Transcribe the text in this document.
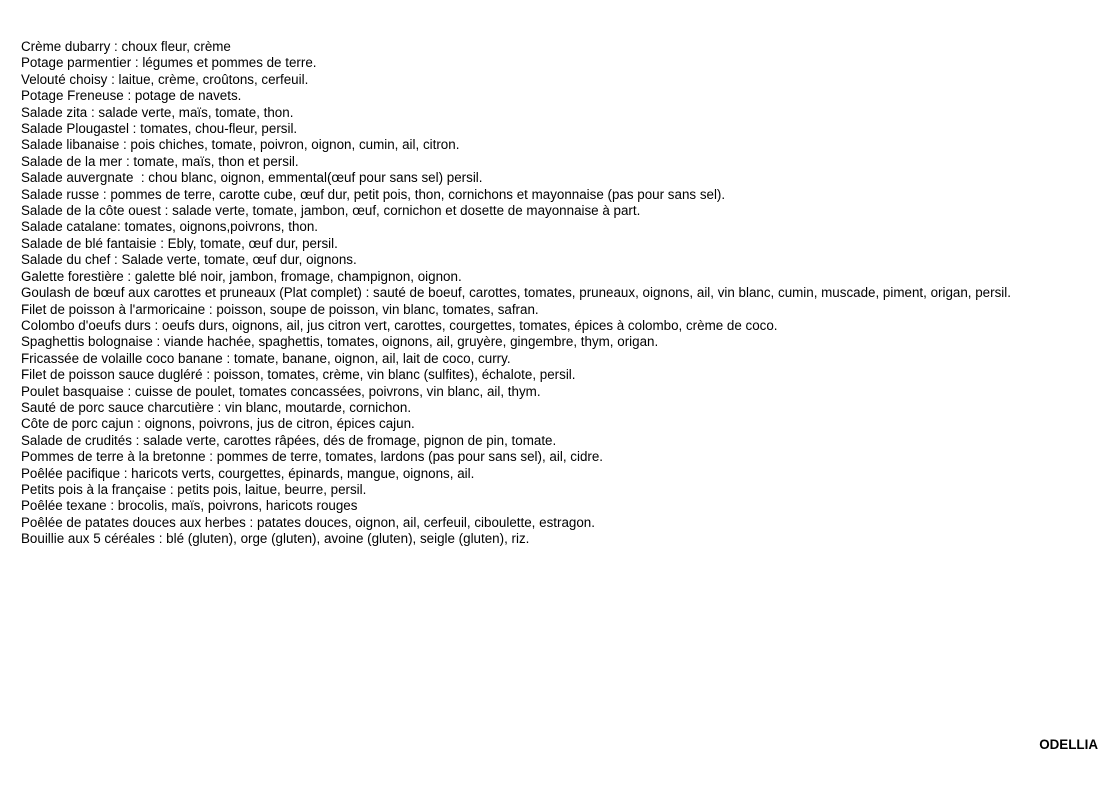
Crème dubarry : choux fleur, crème
Potage parmentier : légumes et pommes de terre.
Velouté choisy : laitue, crème, croûtons, cerfeuil.
Potage Freneuse : potage de navets.
Salade zita : salade verte, maïs, tomate, thon.
Salade Plougastel : tomates, chou-fleur, persil.
Salade libanaise : pois chiches, tomate, poivron, oignon, cumin, ail, citron.
Salade de la mer : tomate, maïs, thon et persil.
Salade auvergnate  : chou blanc, oignon, emmental(œuf pour sans sel) persil.
Salade russe : pommes de terre, carotte cube, œuf dur, petit pois, thon, cornichons et mayonnaise (pas pour sans sel).
Salade de la côte ouest : salade verte, tomate, jambon, œuf, cornichon et dosette de mayonnaise à part.
Salade catalane: tomates, oignons,poivrons, thon.
Salade de blé fantaisie : Ebly, tomate, œuf dur, persil.
Salade du chef : Salade verte, tomate, œuf dur, oignons.
Galette forestière : galette blé noir, jambon, fromage, champignon, oignon.
Goulash de bœuf aux carottes et pruneaux (Plat complet) : sauté de boeuf, carottes, tomates, pruneaux, oignons, ail, vin blanc, cumin, muscade, piment, origan, persil.
Filet de poisson à l'armoricaine : poisson, soupe de poisson, vin blanc, tomates, safran.
Colombo d'oeufs durs : oeufs durs, oignons, ail, jus citron vert, carottes, courgettes, tomates, épices à colombo, crème de coco.
Spaghettis bolognaise : viande hachée, spaghettis, tomates, oignons, ail, gruyère, gingembre, thym, origan.
Fricassée de volaille coco banane : tomate, banane, oignon, ail, lait de coco, curry.
Filet de poisson sauce dugléré : poisson, tomates, crème, vin blanc (sulfites), échalote, persil.
Poulet basquaise : cuisse de poulet, tomates concassées, poivrons, vin blanc, ail, thym.
Sauté de porc sauce charcutière : vin blanc, moutarde, cornichon.
Côte de porc cajun : oignons, poivrons, jus de citron, épices cajun.
Salade de crudités : salade verte, carottes râpées, dés de fromage, pignon de pin, tomate.
Pommes de terre à la bretonne : pommes de terre, tomates, lardons (pas pour sans sel), ail, cidre.
Poêlée pacifique : haricots verts, courgettes, épinards, mangue, oignons, ail.
Petits pois à la française : petits pois, laitue, beurre, persil.
Poêlée texane : brocolis, maïs, poivrons, haricots rouges
Poêlée de patates douces aux herbes : patates douces, oignon, ail, cerfeuil, ciboulette, estragon.
Bouillie aux 5 céréales : blé (gluten), orge (gluten), avoine (gluten), seigle (gluten), riz.
ODELLIA
